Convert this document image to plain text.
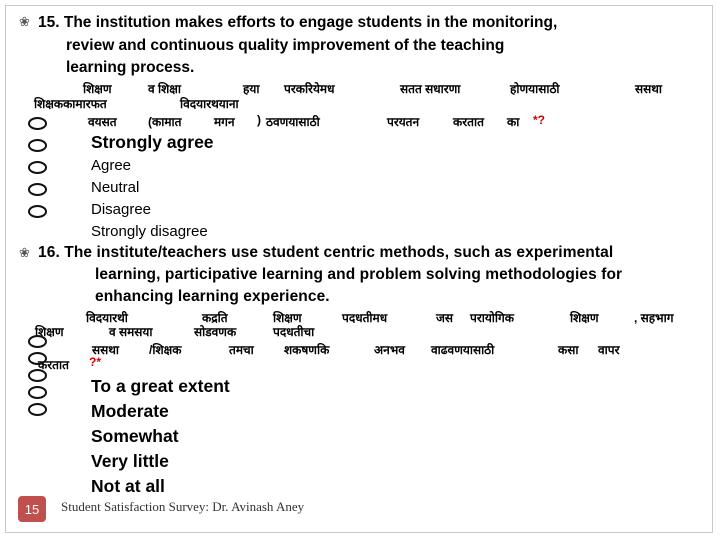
❀ 15. The institution makes efforts to engage students in the monitoring,
review and continuous quality improvement of the teaching
learning process.
शिक्षण	व शिक्षा	हया परकरियेमध	सतत सधारणा	होणयासाठी	ससथा
शिक्षककामारफत	विदयारथयाना
वयसत	(कामात	मगन ) ठवणयासाठी	परयतन	करतात का *?
Strongly agree
Agree
Neutral
Disagree
Strongly disagree
❀ 16. The institute/teachers use student centric methods, such as experimental
learning, participative learning and problem solving methodologies for
enhancing learning experience.
विदयारथी	कद्रति	शिक्षण	पदधतीमध	जस परायोगिक	शिक्षण	, सहभाग
शिक्षण	व समसया	सोडवणक	पदधतीचा
ससथा /शिक्षक	तमचा	शकषणकि	अनभव वाढवणयासाठी	कसा वापर
करतात ?*
To a great extent
Moderate
Somewhat
Very little
Not at all
15	Student Satisfaction Survey: Dr. Avinash Aney
